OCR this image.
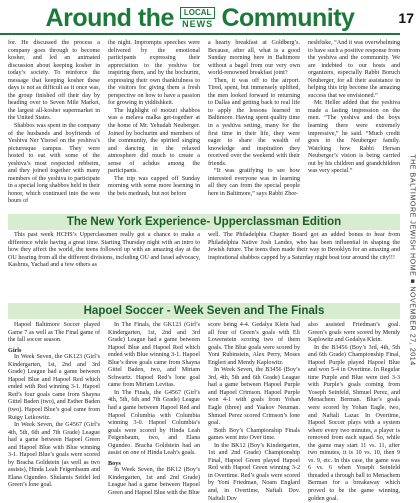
Around the	LOCAL
NEWS Community	17
THE BALTIMORE JEWISH HOME ■ NOVEMBER 27, 2014

for. He discussed the process a company goes through to become kosher, and led an animated discussion about keeping kosher in today’s society. To reinforce the message that keeping kosher these days is not as difficult as it once was, the group finished off their day by heading over to Seven Mile Market, the largest all-kosher supermarket in the United States.

Shabbos was spent in the company of the husbands and boyfriends of Yeshiva Ner Yisroel on the yeshiva’s picturesque campus. They were hosted to eat with some of the yeshiva’s most respected rebbeim, and they joined together with many members of the yeshiva to participate in a special long shabbos held in their honor, which continued into the wee hours of

the night. Impromptu speeches were delivered by the emotional participants expressing their appreciation to the yeshiva for inspiring them, and by the bochurim, expressing their own thankfulness to the visitors for giving them a fresh perspective on how to have a passion for growing in yiddishkeit.

The highlight of motzei shabbos was a melava malka get-together at the home of Mr. Yehudah Neuberger. Joined by bochurim and members of the community, the spirited singing and dancing in the relaxed atmosphere did much to create a sense of achdus among the participants.

The trip was capped off Sunday morning with some more learning in the beis medrash, but not before

a hearty breakfast at Goldberg’s. Because, after all, what is a good Sunday morning here in Baltimore without a bagel from our very own world-renowned breakfast joint?

Then, it was off to the airport. Tired, spent, but immensely uplifted, the men looked forward to returning to Dallas and getting back to real life to apply the lessons learned in Baltimore. Having spent quality time in a yeshiva setting, many for the first time in their life, they were eager to share the wealth of knowledge and inspiration they received over the weekend with their friends.

“It was gratifying to see how interested everyone was in learning all they can from the special people here in Baltimore,” says Rabbi Zhor-

neshfiske, “And it was overwhelming to have such a positive response from the yeshiva and the community. We are indebted to our hosts and organizers, especially Rabbi Boruch Neuberger, for all their assistance in helping this trip become the amazing success that we envisioned.”

Mr. Heller added that the yeshiva made a lasting impression on the men. “The yeshiva and the boys learning there were extremely impressive,” he said. “Much credit goes to the Neuberger family. Watching how Rabbi Hersan Neuberger’s vision is being carried out by his children and grandchildren was very special.”

The New York Experience- Upperclassman Edition

This past week HCHS’s Upperclassmen really got a chance to make a difference while having a great time. Starting Thursday night with an intro to how they affect the world, the teens followed up with an amazing day at the OU hearing from all the different divisions, including OU and Israel advocacy, Kashrus, Yachad and a few others as

well. The Philadelphia Chapter Board got an added bonus to hear from Philadelphia Native Josh Landes, who has been influential in shaping the Jewish future. The teens then made their way to Brooklyn for an amazing and inspirational shabbos capped by a Saturday night boat tour around the city!!!

Hapoel Soccer - Week Seven and The Finals

Hapoel Baltimore Soccer played Game 7 as well as The Final game of the fall soccer season.

Girls

In Week Seven, the GK123 (Girl’s Kindergarten, 1st, 2nd and 3rd Grade) League had a game between Hapoel Blue and Hapoel Red which ended with Red winning 3-1. Hapoel Red’s four goals came from Shayna Gittel Baden (two), and Esther Baden (two). Hapoel Blue’s goal came from Ruigy Leikowitz.

In Week Seven, the G4567 (Girl’s 4th, 5th, 6th and 7th Grade) League had a game between Hapoel Green and Hapoel Blue with Blue winning 3-1. Hapoel Blue’s goals were scored by Bracha Goldstein (as well as two assists), Hinda Leah Feigenbaum and Elana Ogundeo. Shulamis Seidel led Green’s lone goal.

In The Finals, the GK123 (Girl’s Kindergarten, 1st, 2nd and 3rd Grade) League had a game between Hapoel Blue and Hapoel Red which ended with Blue winning 3-1. Hapoel Blue’s three goals came from Shayna Gittel Baden, two, and Miriam Schwartz. Hapoel Red’s lone goal came from Miriam Levitas.

In The Finals, the G4567 (Girl’s 4th, 5th, 6th and 7th Grade) League had a game between Hapoel Red and Hapoel Columbia with Columbia winning 3-0. Hapoel Columbia’s goals were scored by Hinda Leah Feigenbaum, two, and Elana Ogundeo. Bracha Goldstein had an assist on one of Hinda Leah’s goals.

Boys

In Week Seven, the BK12 (Boy’s Kindergarten, 1st and 2nd Grade) League had a game between Hapoel Green and Hapoel Blue with the Blue

score being 4-4. Gedalya Klein had all four of Green’s goals with Eli Lowenstein scoring two of them goals. The Blue goals were scored by Yoni Rubinstein, Alex Perry, Moses Englert and Mendy Kaplowitz.

In Week Seven, the B3456 (Boy’s 3rd, 4th, 5th and 6th Grade) League had a game between Hapoel Purple and Hapoel Crimson. Hapoel Purple won 4-1 with goals from Yohan Eagle (three) and Yaakov Neuman. Shmuel Perez scored Crimson’s lone goal.

Both Boy’s Championship Finals games went into Over time.

In the BK12 (Boy’s Kindergarten, 1st and 2nd Grade) Championship Final, Hapoel Green played Hapoel Red with Hapoel Green winning 3-2 in Overtime. Red’s goals were scored by Yoni Friedman, Noam Englard and, in Overtime, Naftali Dov. Naftali Dov

also assisted Friedman’s goal. Green’s goals were scored by Mendy Kaplowitz and Gedalya Klein.

In the B3456 (Boy’s 3rd, 4th, 5th and 6th Grade) Championship Final, Hapoel Purple played Hapoel Blue and won 5-4 in Overtime. In Regular time Purple and Blue were tied 3-3 with Purple’s goals coming from Yoseph Seinfeld, Shmuel Perez, and Menachem Berman. Blue’s goals were scored by Yohan Eagle, two, and Naftali Lazar. In Overtime, Hapoel Soccer plays with a system where every two minutes, a player is removed from each squad. So, while the game may start 11 vs. 11, after two minutes, it is 10 vs. 10, then 9 vs. 9, etc. In this case, the game was 6 vs. 6 when Yoseph Seinfeld threaded a through ball to Menachem Berman for a breakaway which proved to be the game winning, golden goal.
